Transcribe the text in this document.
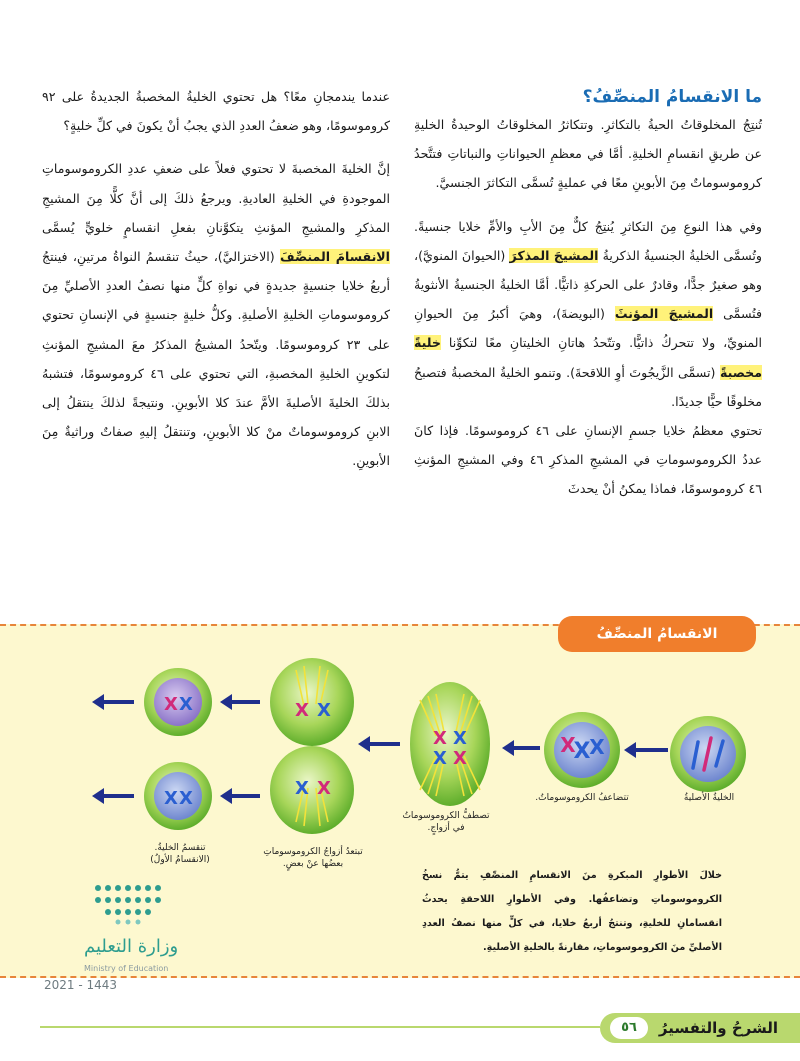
ما الانقسامُ المنصِّفُ؟

تُنتِجُ المخلوقاتُ الحيةُ بالتكاثرِ. وتتكاثرُ المخلوقاتُ الوحيدةُ الخليةِ عن طريقِ انقسامِ الخليةِ. أمَّا في معظمِ الحيواناتِ والنباتاتِ فتتَّحدُ كروموسوماتٌ مِنَ الأبوينِ معًا في عمليةٍ تُسمَّى التكاثرَ الجنسيَّ.

وفي هذا النوعِ مِنَ التكاثرِ يُنتِجُ كلٌّ مِنَ الأبِ والأمِّ خلايا جنسيةً. وتُسمَّى الخليةُ الجنسيةُ الذكريةُ المشيجَ المذكرَ (الحيوانَ المنويَّ)، وهو صغيرٌ جدًّا، وقادرٌ على الحركةِ ذاتيًّا. أمَّا الخليةُ الجنسيةُ الأنثويةُ فتُسمَّى المشيجَ المؤنثَ (البويضةَ)، وهيَ أكبرُ مِنَ الحيوانِ المنويِّ، ولا تتحركُ ذاتيًّا. وتتّحدُ هاتانِ الخليتانِ معًا لتكوِّنا خليةً مخصبةً (تسمَّى الزَّيجُوتَ أوِ اللاقحةَ). وتنمو الخليةُ المخصبةُ فتصبحُ مخلوقًا حيًّا جديدًا.

تحتوي معظمُ خلايا جسمِ الإنسانِ على ٤٦ كروموسومًا. فإذا كانَ عددُ الكروموسوماتِ في المشيجِ المذكرِ ٤٦ وفي المشيجِ المؤنثِ ٤٦ كروموسومًا، فماذا يمكنُ أنْ يحدثَ

عندما يندمجانِ معًا؟ هل تحتوي الخليةُ المخصبةُ الجديدةُ على ٩٢ كروموسومًا، وهو ضعفُ العددِ الذي يجبُ أنْ يكونَ في كلِّ خليةٍ؟

إنَّ الخليةَ المخصبةَ لا تحتوي فعلاً على ضعفِ عددِ الكروموسوماتِ الموجودةِ في الخليةِ العاديةِ. ويرجعُ ذلكَ إلى أنَّ كلًّا مِنَ المشيجِ المذكرِ والمشيجِ المؤنثِ يتكوَّنانِ بفعلِ انقسامٍ خلويٍّ يُسمَّى الانقسامَ المنصِّفَ (الاختزاليَّ)، حيثُ تنقسمُ النواةُ مرتينِ، فينتجُ أربعُ خلايا جنسيةٍ جديدةٍ في نواةِ كلٍّ منها نصفُ العددِ الأصليِّ مِنَ كروموسوماتِ الخليةِ الأصليةِ. وكلُّ خليةٍ جنسيةٍ في الإنسانِ تحتوي على ٢٣ كروموسومًا. ويتّحدُ المشيجُ المذكرُ معَ المشيجِ المؤنثِ لتكوينِ الخليةِ المخصبةِ، التي تحتوي على ٤٦ كروموسومًا، فتشبهُ بذلكَ الخليةَ الأصليةَ الأمَّ عندَ كلا الأبوينِ. ونتيجةً لذلكَ ينتقلُ إلى الابنِ كروموسوماتٌ منْ كلا الأبوينِ، وتنتقلُ إليهِ صفاتٌ وراثيةٌ مِنَ الأبوينِ.

الانقسامُ المنصِّفُ
X
X X
X X
X X
X X
X X
X X
X X	الخليةُ الأصليةُ
تتضاعفُ الكروموسوماتُ.
تصطفُّ الكروموسوماتُ
في أزواجٍ.
تبتعدُ أزواجُ الكروموسوماتِ
بعضُها عنْ بعضٍ.
تنقسمُ الخليةُ.
(الانقسامُ الأولُ)
خلالَ الأطوارِ المبكرةِ منَ الانقسامِ المنصِّفِ يتمُّ نسخُ الكروموسوماتِ وتضاعفُها. وفي الأطوارِ اللاحقةِ يحدثُ انقسامانِ للخليةِ، وتنتجُ أربعُ خلايا، في كلٍّ منها نصفُ العددِ الأصليِّ منَ الكروموسوماتِ، مقارنةً بالخليةِ الأصليةِ.
وزارة التعليم
Ministry of Education
2021 - 1443
الشرحُ والتفسيرُ
٥٦
